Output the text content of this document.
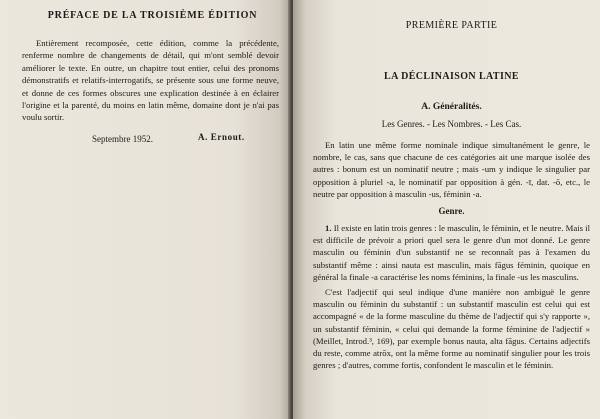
PRÉFACE DE LA TROISIÈME ÉDITION

Entièrement recomposée, cette édition, comme la précédente, renferme nombre de changements de détail, qui m'ont semblé devoir améliorer le texte. En outre, un chapitre tout entier, celui des pronoms démonstratifs et relatifs-interrogatifs, se présente sous une forme neuve, et donne de ces formes obscures une explication destinée à en éclairer l'origine et la parenté, du moins en latin même, domaine dont je n'ai pas voulu sortir.

Septembre 1952.	A. Ernout.
PREMIÈRE PARTIE
LA DÉCLINAISON LATINE
A. Généralités.
Les Genres. - Les Nombres. - Les Cas.

En latin une même forme nominale indique simultanément le genre, le nombre, le cas, sans que chacune de ces catégories ait une marque isolée des autres : bonum est un nominatif neutre ; mais -um y indique le singulier par opposition à pluriel -a, le nominatif par opposition à gén. -ī, dat. -ō, etc., le neutre par opposition à masculin -us, féminin -a.

Genre.

1. Il existe en latin trois genres : le masculin, le féminin, et le neutre. Mais il est difficile de prévoir a priori quel sera le genre d'un mot donné. Le genre masculin ou féminin d'un substantif ne se reconnaît pas à l'examen du substantif même : ainsi nauta est masculin, mais fāgus féminin, quoique en général la finale -a caractérise les noms féminins, la finale -us les masculins.

C'est l'adjectif qui seul indique d'une manière non ambiguë le genre masculin ou féminin du substantif : un substantif masculin est celui qui est accompagné « de la forme masculine du thème de l'adjectif qui s'y rapporte », un substantif féminin, « celui qui demande la forme féminine de l'adjectif » (Meillet, Introd.³, 169), par exemple bonus nauta, alta fāgus. Certains adjectifs du reste, comme atrōx, ont la même forme au nominatif singulier pour les trois genres ; d'autres, comme fortis, confondent le masculin et le féminin.
